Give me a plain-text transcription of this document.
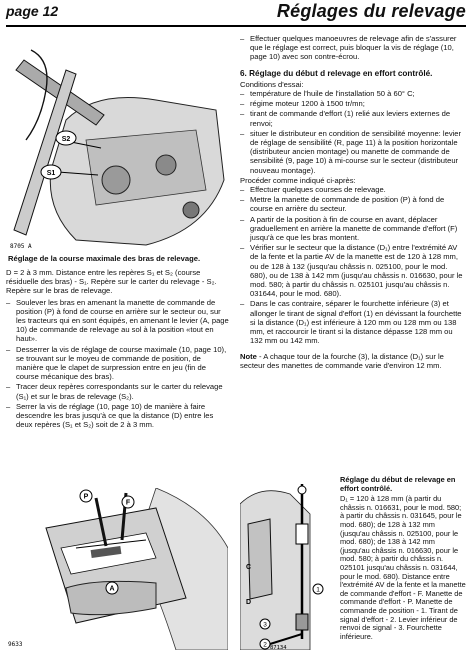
page 12	Réglages du relevage
S2
S1
8705 A
Réglage de la course maximale des bras de relevage.

D = 2 à 3 mm. Distance entre les repères S₁ et S₂ (course résiduelle des bras) - S₁. Repère sur le carter du relevage - S₂. Repère sur le bras de relevage.

– Soulever les bras en amenant la manette de commande de position (P) à fond de course en arrière sur le secteur ou, sur les tracteurs qui en sont équipés, en amenant le levier (A, page 10) de commande de relevage au sol à la position «tout en haut».
– Desserrer la vis de réglage de course maximale (10, page 10), se trouvant sur le moyeu de commande de position, de manière que le clapet de surpression entre en jeu (fin de course mécanique des bras).
– Tracer deux repères correspondants sur le carter du relevage (S₁) et sur le bras de relevage (S₂).
– Serrer la vis de réglage (10, page 10) de manière à faire descendre les bras jusqu'à ce que la distance (D) entre les deux repères (S₁ et S₂) soit de 2 à 3 mm.
P
F
A
9633
– Effectuer quelques manoeuvres de relevage afin de s'assurer que le réglage est correct, puis bloquer la vis de réglage (10, page 10) avec son contre-écrou.
6. Réglage du début d relevage en effort contrôlé.
Conditions d'essai:
– température de l'huile de l'installation 50 à 60° C;
– régime moteur 1200 à 1500 tr/mn;
– tirant de commande d'effort (1) relié aux leviers externes de renvoi;
– situer le distributeur en condition de sensibilité moyenne: levier de réglage de sensibilité (R, page 11) à la position horizontale (distributeur ancien montage) ou manette de commande de sensibilité (9, page 10) à mi-course sur le secteur (distributeur nouveau montage).
Procéder comme indiqué ci-après:
– Effectuer quelques courses de relevage.
– Mettre la manette de commande de position (P) à fond de course en arrière du secteur.
– A partir de la position à fin de course en avant, déplacer graduellement en arrière la manette de commande d'effort (F) jusqu'à ce que les bras montent.
– Vérifier sur le secteur que la distance (D₁) entre l'extrémité AV de la fente et la partie AV de la manette est de 120 à 128 mm, ou de 128 à 132 (jusqu'au châssis n. 025100, pour le mod. 680), ou de 138 à 142 mm (jusqu'au châssis n. 016630, pour le mod. 580; à partir du châssis n. 025101 jusqu'au châssis n. 031644, pour le mod. 680).
– Dans le cas contraire, séparer le fourchette inférieure (3) et allonger le tirant de signal d'effort (1) en dévissant la fourchette si la distance (D₁) est inférieure à 120 mm ou 128 mm ou 138 mm, et raccourcir le tirant si la distance dépasse 128 mm ou 132 mm ou 142 mm.

Note - A chaque tour de la fourche (3), la distance (D₁) sur le secteur des manettes de commande varie d'environ 12 mm.

C
D
1
2
3
87134
Réglage du début de relevage en effort contrôlé.
D₁ = 120 à 128 mm (à partir du châssis n. 016631, pour le mod. 580; à partir du châssis n. 031645, pour le mod. 680); de 128 à 132 mm (jusqu'au châssis n. 025100, pour le mod. 680); de 138 à 142 mm (jusqu'au châssis n. 016630, pour le mod. 580; à partir du châssis n. 025101 jusqu'au châssis n. 031644, pour le mod. 680). Distance entre l'extrémité AV de la fente et la manette de commande d'effort - F. Manette de commande d'effort - P. Manette de commande de position - 1. Tirant de signal d'effort - 2. Levier inférieur de renvoi de signal - 3. Fourchette inférieure.
